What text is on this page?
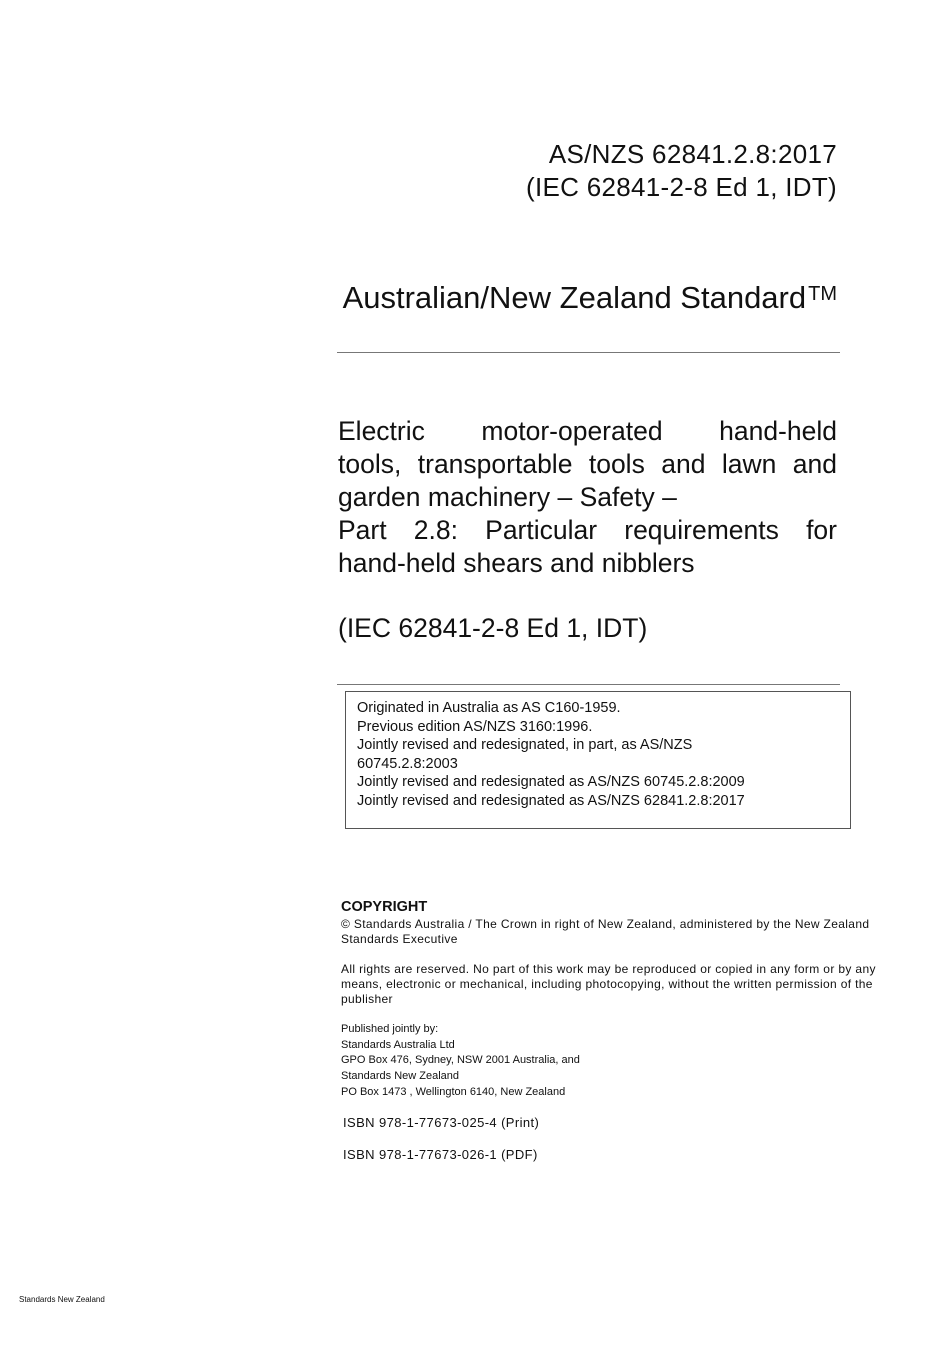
AS/NZS 62841.2.8:2017
(IEC 62841-2-8 Ed 1, IDT)
Australian/New Zealand Standard ™
Electric motor-operated hand-held
tools, transportable tools and lawn and
garden machinery – Safety –
Part 2.8: Particular requirements for
hand-held shears and nibblers
(IEC 62841-2-8 Ed 1, IDT)
Originated in Australia as AS C160-1959.
Previous edition AS/NZS 3160:1996.
Jointly revised and redesignated, in part, as AS/NZS
60745.2.8:2003
Jointly revised and redesignated as AS/NZS 60745.2.8:2009
Jointly revised and redesignated as AS/NZS 62841.2.8:2017
COPYRIGHT
© Standards Australia / The Crown in right of New Zealand, administered by the New Zealand Standards Executive
All rights are reserved. No part of this work may be reproduced or copied in any form or by any means, electronic or mechanical, including photocopying, without the written permission of the publisher
Published jointly by:
Standards Australia Ltd
GPO Box 476, Sydney, NSW 2001 Australia, and
Standards New Zealand
PO Box 1473 , Wellington 6140, New Zealand
ISBN 978-1-77673-025-4 (Print)
ISBN 978-1-77673-026-1 (PDF)
Standards New Zealand
